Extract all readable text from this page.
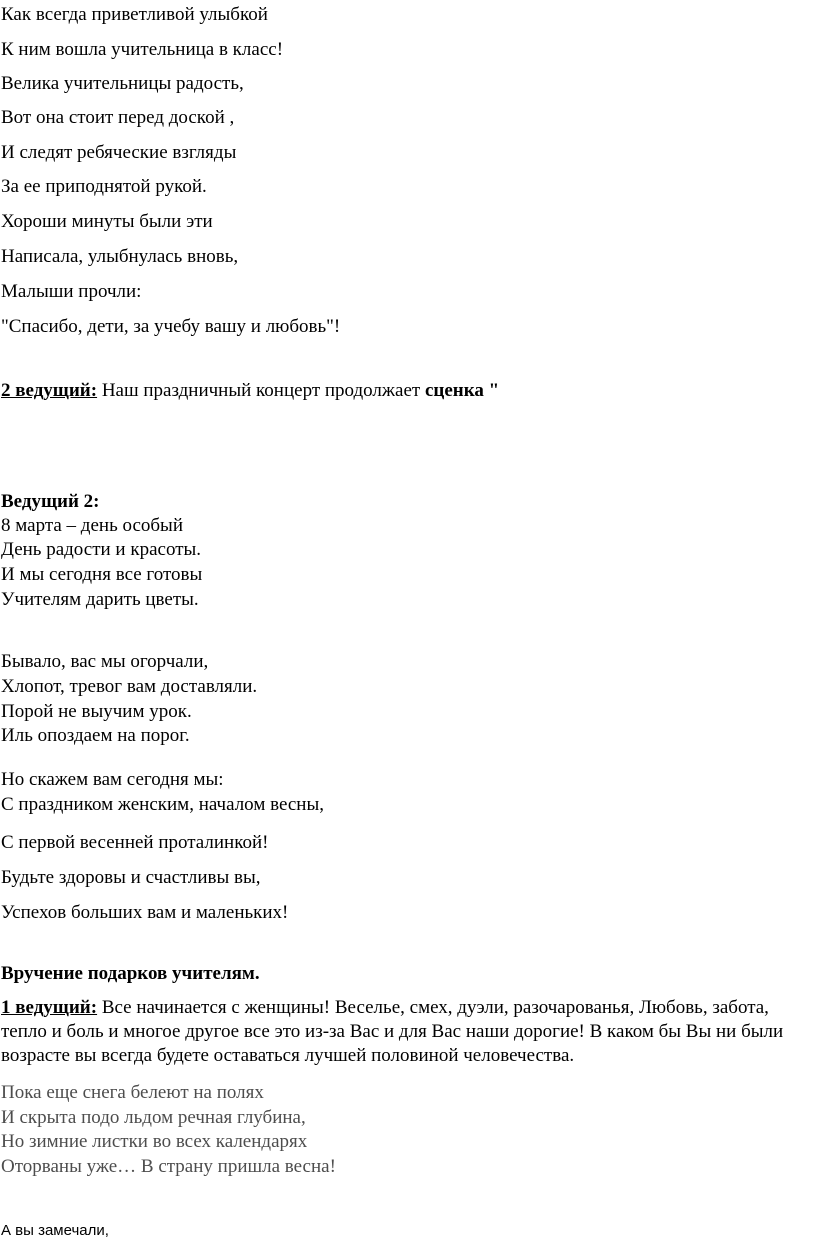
Как всегда приветливой улыбкой

К ним вошла учительница в класс!

Велика учительницы радость,

Вот она стоит перед доской ,

И следят ребяческие взгляды

За ее приподнятой рукой.

Хороши минуты были эти

Написала, улыбнулась вновь,

Малыши прочли:

"Спасибо, дети, за учебу вашу и любовь"!

2 ведущий: Наш праздничный концерт продолжает сценка "

Ведущий 2:

8 марта – день особый

День радости и красоты.

И мы сегодня все готовы

Учителям дарить цветы.

Бывало, вас мы огорчали,

Хлопот, тревог вам доставляли.

Порой не выучим урок.

Иль опоздаем на порог.

Но скажем вам сегодня мы:

С праздником женским, началом весны,

С первой весенней проталинкой!

Будьте здоровы и счастливы вы,

Успехов больших вам и маленьких!

Вручение подарков учителям.

1 ведущий: Все начинается с женщины! Веселье, смех, дуэли, разочарованья, Любовь, забота, тепло и боль и многое другое все это из-за Вас и для Вас наши дорогие! В каком бы Вы ни были возрасте вы всегда будете оставаться лучшей половиной человечества.

Пока еще снега белеют на полях

И скрыта подо льдом речная глубина,

Но зимние листки во всех календарях

Оторваны уже… В страну пришла весна!

А вы замечали,
